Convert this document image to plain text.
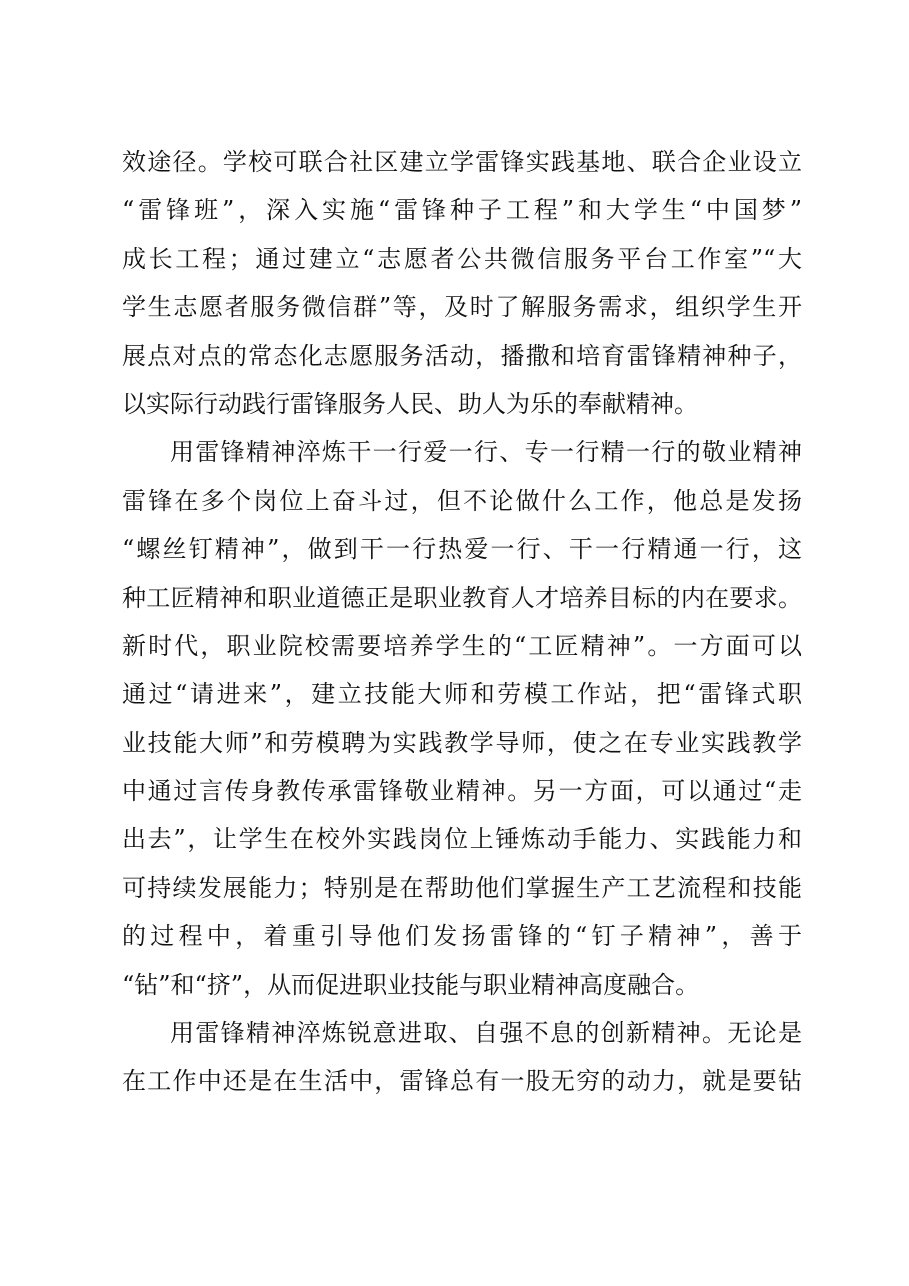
效途径。学校可联合社区建立学雷锋实践基地、联合企业设立
“雷锋班”，深入实施“雷锋种子工程”和大学生“中国梦”
成长工程；通过建立“志愿者公共微信服务平台工作室”“大
学生志愿者服务微信群”等，及时了解服务需求，组织学生开
展点对点的常态化志愿服务活动，播撒和培育雷锋精神种子，
以实际行动践行雷锋服务人民、助人为乐的奉献精神。
用雷锋精神淬炼干一行爱一行、专一行精一行的敬业精神
雷锋在多个岗位上奋斗过，但不论做什么工作，他总是发扬
“螺丝钉精神”，做到干一行热爱一行、干一行精通一行，这
种工匠精神和职业道德正是职业教育人才培养目标的内在要求。
新时代，职业院校需要培养学生的“工匠精神”。一方面可以
通过“请进来”，建立技能大师和劳模工作站，把“雷锋式职
业技能大师”和劳模聘为实践教学导师，使之在专业实践教学
中通过言传身教传承雷锋敬业精神。另一方面，可以通过“走
出去”，让学生在校外实践岗位上锤炼动手能力、实践能力和
可持续发展能力；特别是在帮助他们掌握生产工艺流程和技能
的过程中，着重引导他们发扬雷锋的“钉子精神”，善于
“钻”和“挤”，从而促进职业技能与职业精神高度融合。
用雷锋精神淬炼锐意进取、自强不息的创新精神。无论是
在工作中还是在生活中，雷锋总有一股无穷的动力，就是要钻
